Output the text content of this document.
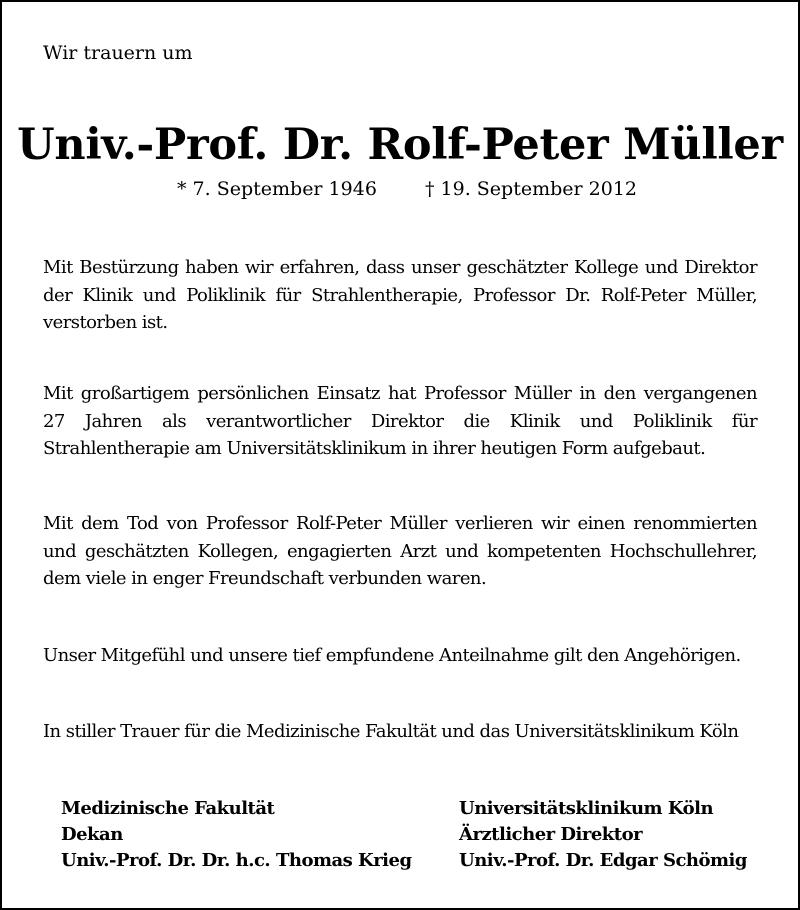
Wir trauern um
Univ.-Prof. Dr. Rolf-Peter Müller
* 7. September 1946	† 19. September 2012
Mit Bestürzung haben wir erfahren, dass unser geschätzter Kollege und Direktor der Klinik und Poliklinik für Strahlentherapie, Professor Dr. Rolf-Peter Müller, verstorben ist.
Mit großartigem persönlichen Einsatz hat Professor Müller in den vergangenen 27 Jahren als verantwortlicher Direktor die Klinik und Poliklinik für Strahlentherapie am Universitätsklinikum in ihrer heutigen Form aufgebaut.
Mit dem Tod von Professor Rolf-Peter Müller verlieren wir einen renommierten und geschätzten Kollegen, engagierten Arzt und kompetenten Hochschullehrer, dem viele in enger Freundschaft verbunden waren.
Unser Mitgefühl und unsere tief empfundene Anteilnahme gilt den Angehörigen.
In stiller Trauer für die Medizinische Fakultät und das Universitätsklinikum Köln
Medizinische Fakultät
Dekan
Univ.-Prof. Dr. Dr. h.c. Thomas Krieg
Universitätsklinikum Köln
Ärztlicher Direktor
Univ.-Prof. Dr. Edgar Schömig
